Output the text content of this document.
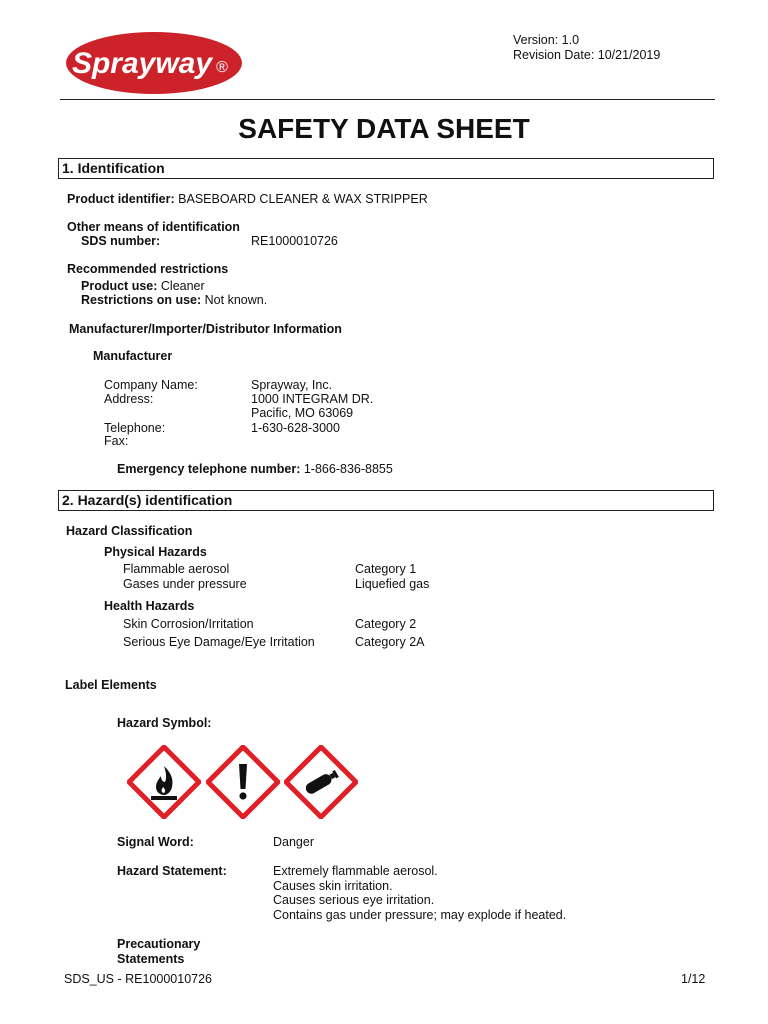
Sprayway ®
Version: 1.0
Revision Date: 10/21/2019
SAFETY DATA SHEET
1. Identification
Product identifier: BASEBOARD CLEANER & WAX STRIPPER
Other means of identification
SDS number:	RE1000010726
Recommended restrictions
Product use: Cleaner
Restrictions on use: Not known.
Manufacturer/Importer/Distributor Information
Manufacturer
Company Name:	Sprayway, Inc.
Address:	1000 INTEGRAM DR.
Pacific, MO 63069
Telephone:	1-630-628-3000
Fax:
Emergency telephone number: 1-866-836-8855
2. Hazard(s) identification
Hazard Classification
Physical Hazards
Flammable aerosol	Category 1
Gases under pressure	Liquefied gas
Health Hazards
Skin Corrosion/Irritation	Category 2
Serious Eye Damage/Eye Irritation	Category 2A
Label Elements
Hazard Symbol:
Signal Word:	Danger
Hazard Statement:	Extremely flammable aerosol.
Causes skin irritation.
Causes serious eye irritation.
Contains gas under pressure; may explode if heated.
Precautionary
Statements
SDS_US - RE1000010726	1/12
